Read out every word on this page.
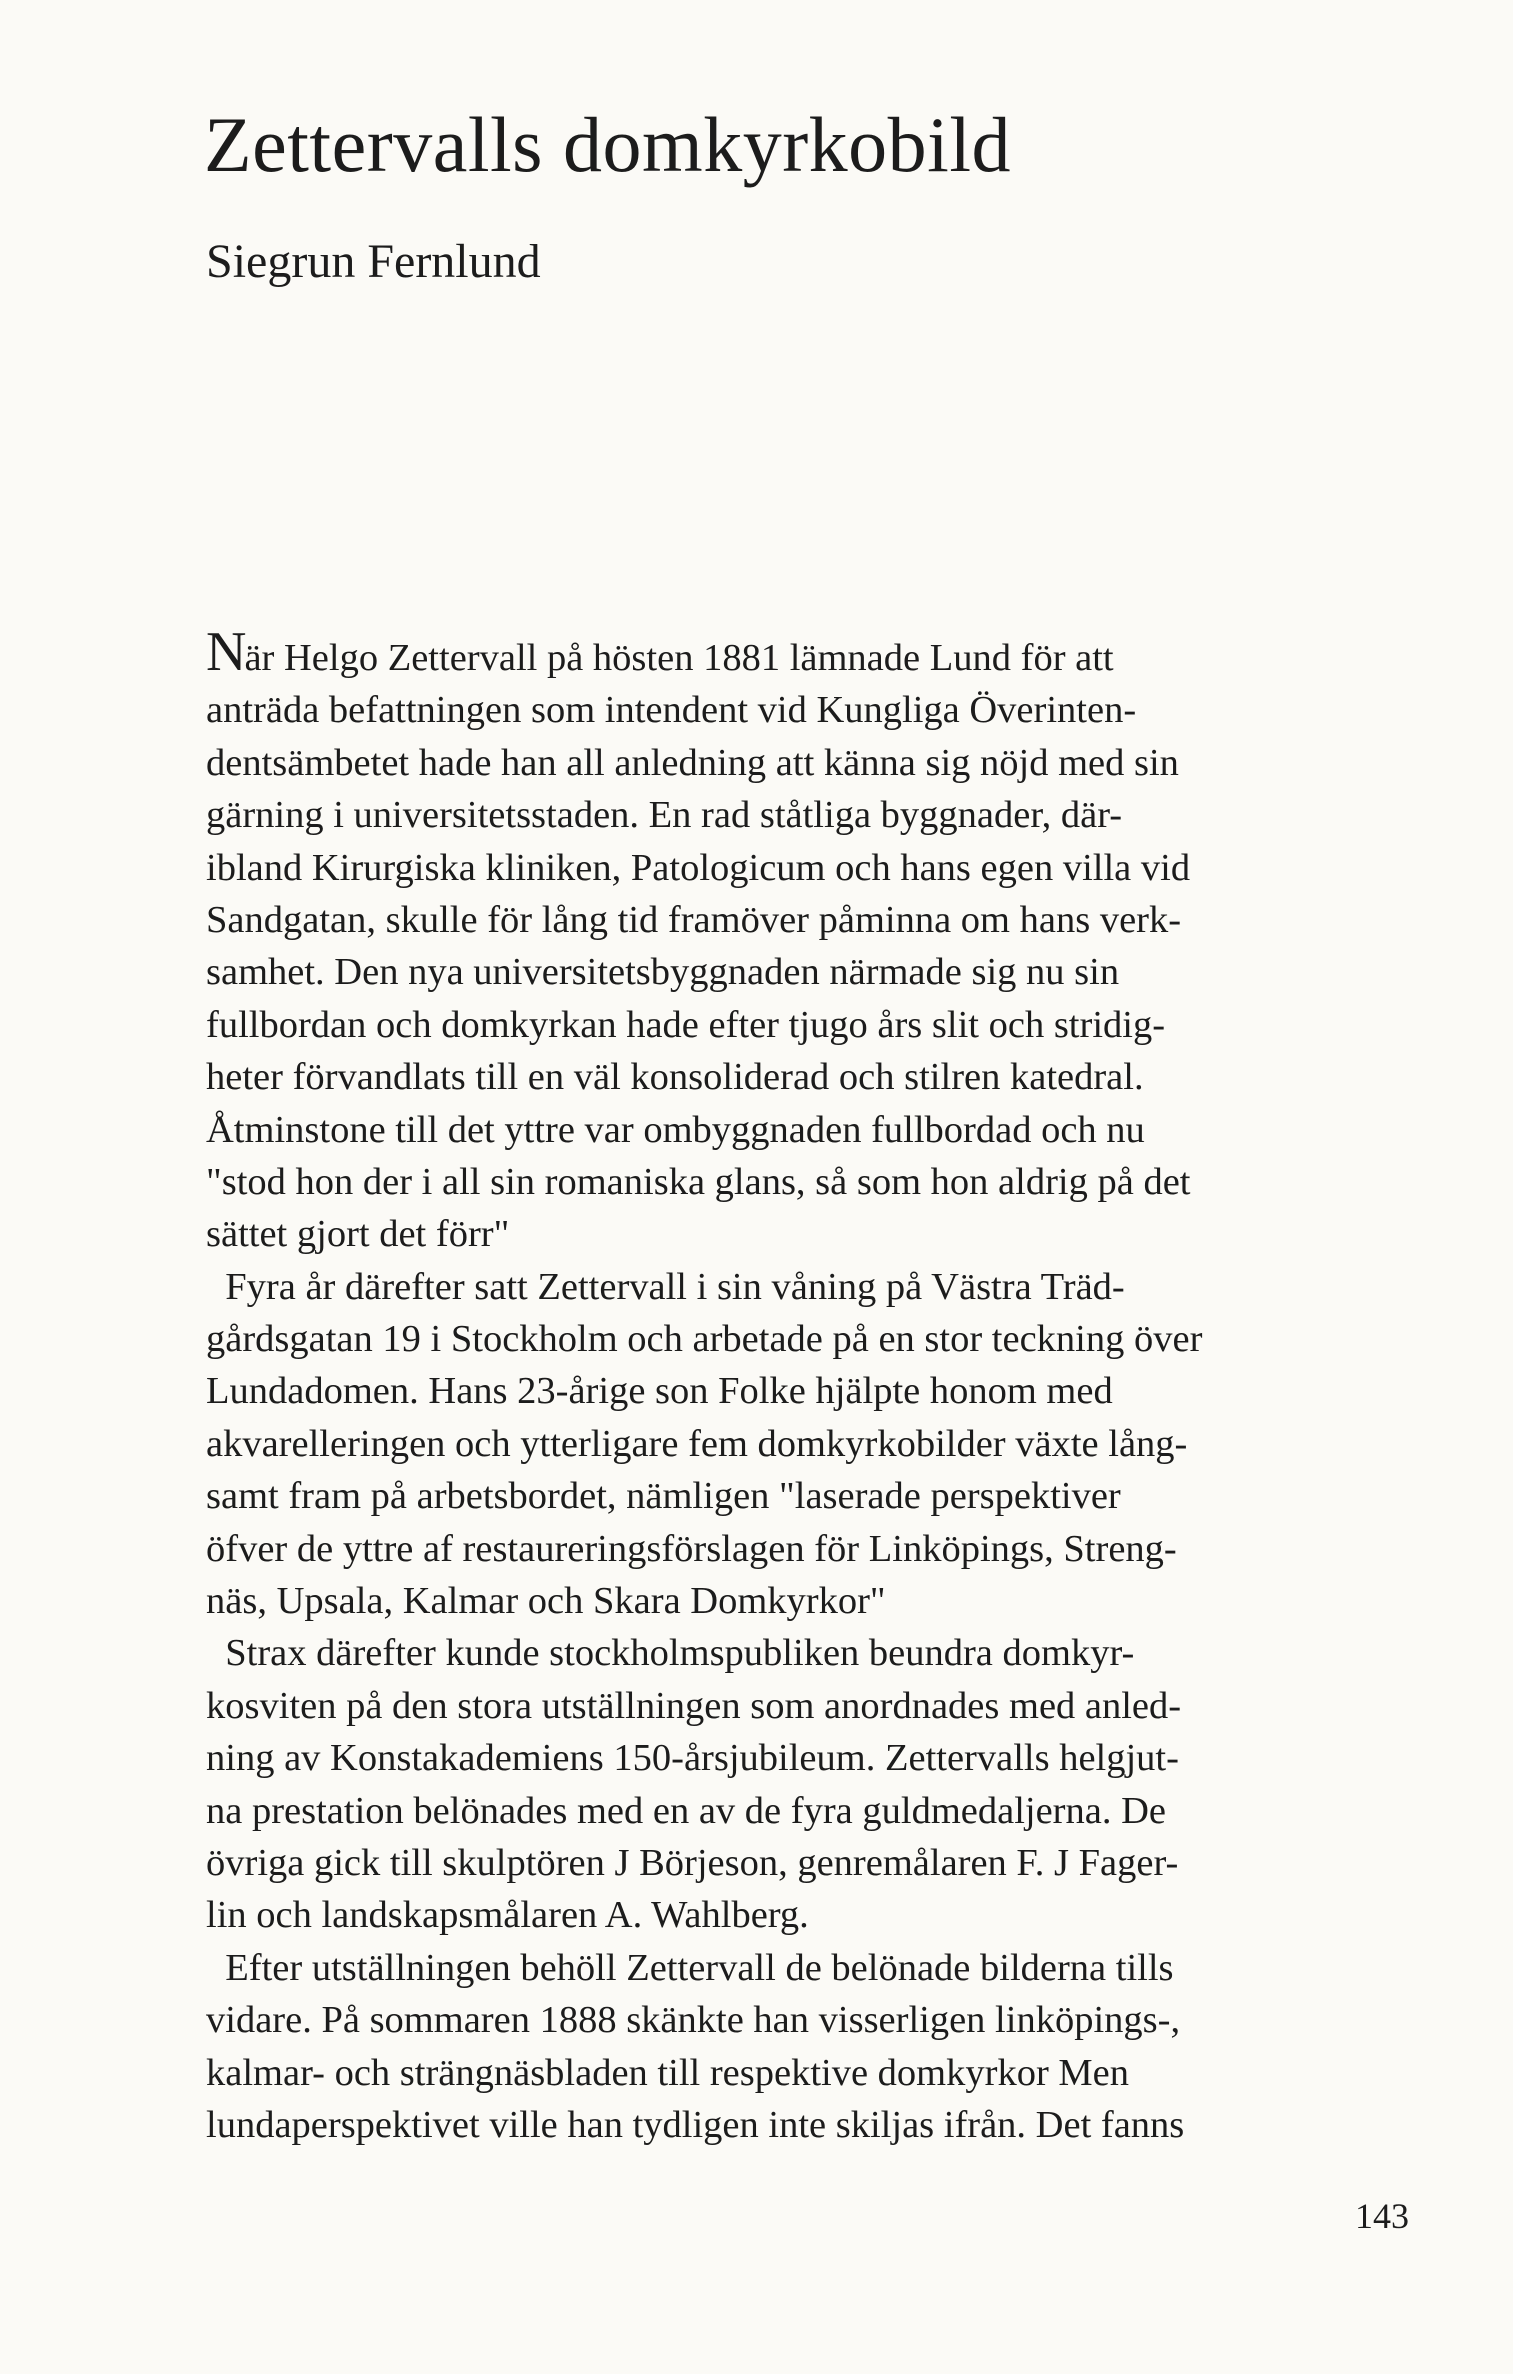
Zettervalls domkyrkobild
Siegrun Fernlund

När Helgo Zettervall på hösten 1881 lämnade Lund för att
anträda befattningen som intendent vid Kungliga Överinten-
dentsämbetet hade han all anledning att känna sig nöjd med sin
gärning i universitetsstaden. En rad ståtliga byggnader, där-
ibland Kirurgiska kliniken, Patologicum och hans egen villa vid
Sandgatan, skulle för lång tid framöver påminna om hans verk-
samhet. Den nya universitetsbyggnaden närmade sig nu sin
fullbordan och domkyrkan hade efter tjugo års slit och stridig-
heter förvandlats till en väl konsoliderad och stilren katedral.
Åtminstone till det yttre var ombyggnaden fullbordad och nu
"stod hon der i all sin romaniska glans, så som hon aldrig på det
sättet gjort det förr"

Fyra år därefter satt Zettervall i sin våning på Västra Träd-
gårdsgatan 19 i Stockholm och arbetade på en stor teckning över
Lundadomen. Hans 23-årige son Folke hjälpte honom med
akvarelleringen och ytterligare fem domkyrkobilder växte lång-
samt fram på arbetsbordet, nämligen "laserade perspektiver
öfver de yttre af restaureringsförslagen för Linköpings, Streng-
näs, Upsala, Kalmar och Skara Domkyrkor"

Strax därefter kunde stockholmspubliken beundra domkyr-
kosviten på den stora utställningen som anordnades med anled-
ning av Konstakademiens 150-årsjubileum. Zettervalls helgjut-
na prestation belönades med en av de fyra guldmedaljerna. De
övriga gick till skulptören J Börjeson, genremålaren F. J Fager-
lin och landskapsmålaren A. Wahlberg.

Efter utställningen behöll Zettervall de belönade bilderna tills
vidare. På sommaren 1888 skänkte han visserligen linköpings-,
kalmar- och strängnäsbladen till respektive domkyrkor Men
lundaperspektivet ville han tydligen inte skiljas ifrån. Det fanns

143
